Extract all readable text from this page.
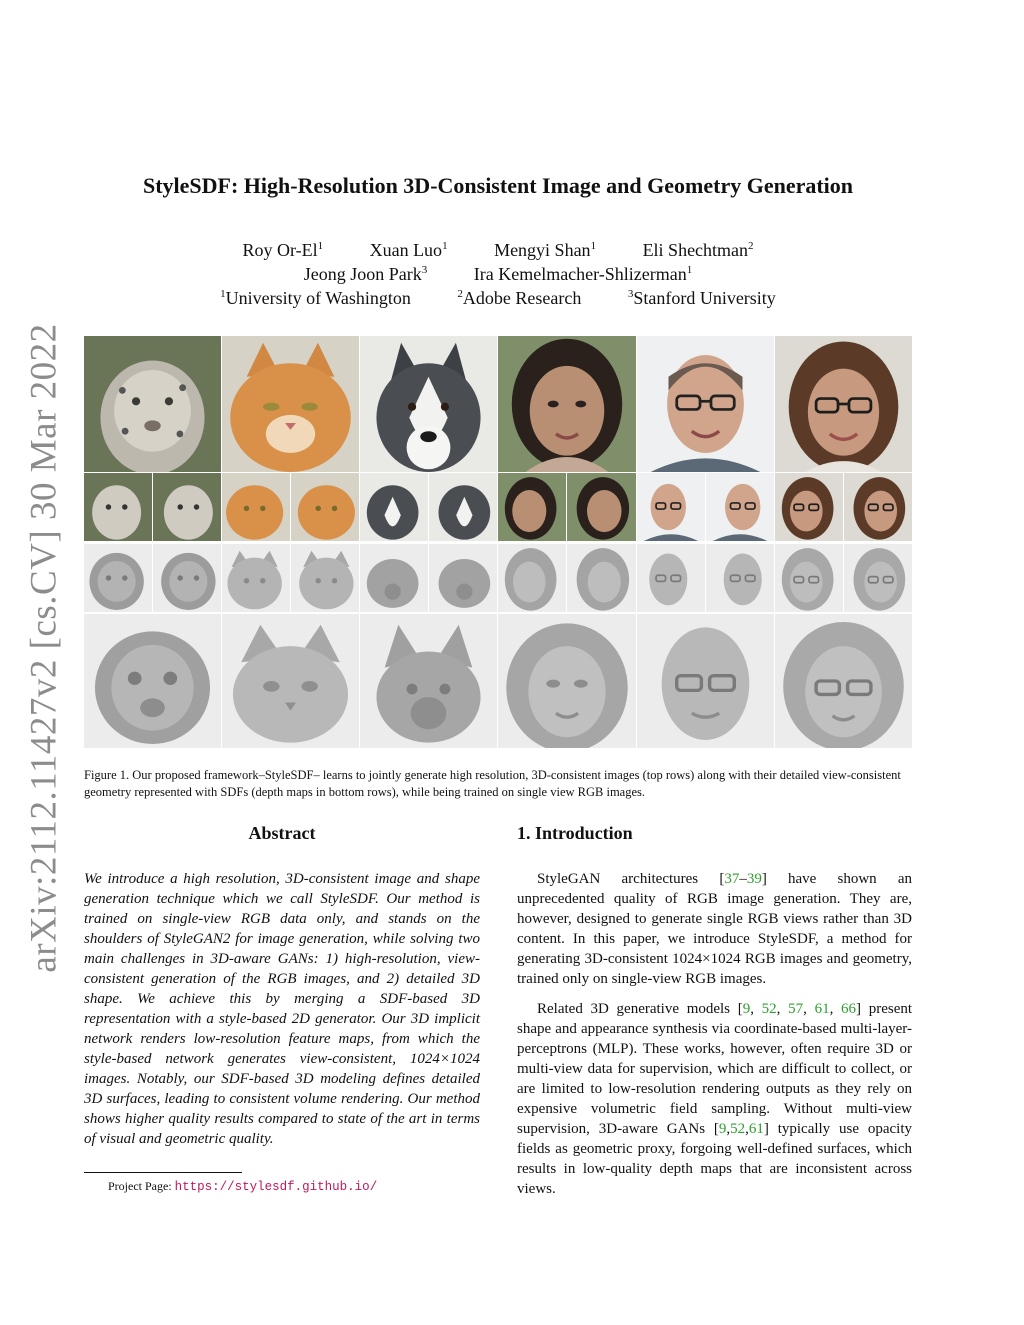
arXiv:2112.11427v2 [cs.CV] 30 Mar 2022
StyleSDF: High-Resolution 3D-Consistent Image and Geometry Generation
Roy Or-El$^1$	Xuan Luo$^1$	Mengyi Shan$^1$	Eli Shechtman$^2$
Jeong Joon Park$^3$	Ira Kemelmacher-Shlizerman$^1$
$^1$University of Washington	$^2$Adobe Research	$^3$Stanford University
Figure 1. Our proposed framework–StyleSDF– learns to jointly generate high resolution, 3D-consistent images (top rows) along with their detailed view-consistent geometry represented with SDFs (depth maps in bottom rows), while being trained on single view RGB images.
Abstract

We introduce a high resolution, 3D-consistent image and shape generation technique which we call StyleSDF. Our method is trained on single-view RGB data only, and stands on the shoulders of StyleGAN2 for image generation, while solving two main challenges in 3D-aware GANs: 1) high-resolution, view-consistent generation of the RGB images, and 2) detailed 3D shape. We achieve this by merging a SDF-based 3D representation with a style-based 2D generator. Our 3D implicit network renders low-resolution feature maps, from which the style-based network generates view-consistent, 1024×1024 images. Notably, our SDF-based 3D modeling defines detailed 3D surfaces, leading to consistent volume rendering. Our method shows higher quality results compared to state of the art in terms of visual and geometric quality.

Project Page: https://stylesdf.github.io/
1. Introduction

StyleGAN architectures [37–39] have shown an unprecedented quality of RGB image generation. They are, however, designed to generate single RGB views rather than 3D content. In this paper, we introduce StyleSDF, a method for generating 3D-consistent 1024×1024 RGB images and geometry, trained only on single-view RGB images.

Related 3D generative models [9, 52, 57, 61, 66] present shape and appearance synthesis via coordinate-based multi-layer-perceptrons (MLP). These works, however, often require 3D or multi-view data for supervision, which are difficult to collect, or are limited to low-resolution rendering outputs as they rely on expensive volumetric field sampling. Without multi-view supervision, 3D-aware GANs [9,52,61] typically use opacity fields as geometric proxy, forgoing well-defined surfaces, which results in low-quality depth maps that are inconsistent across views.
